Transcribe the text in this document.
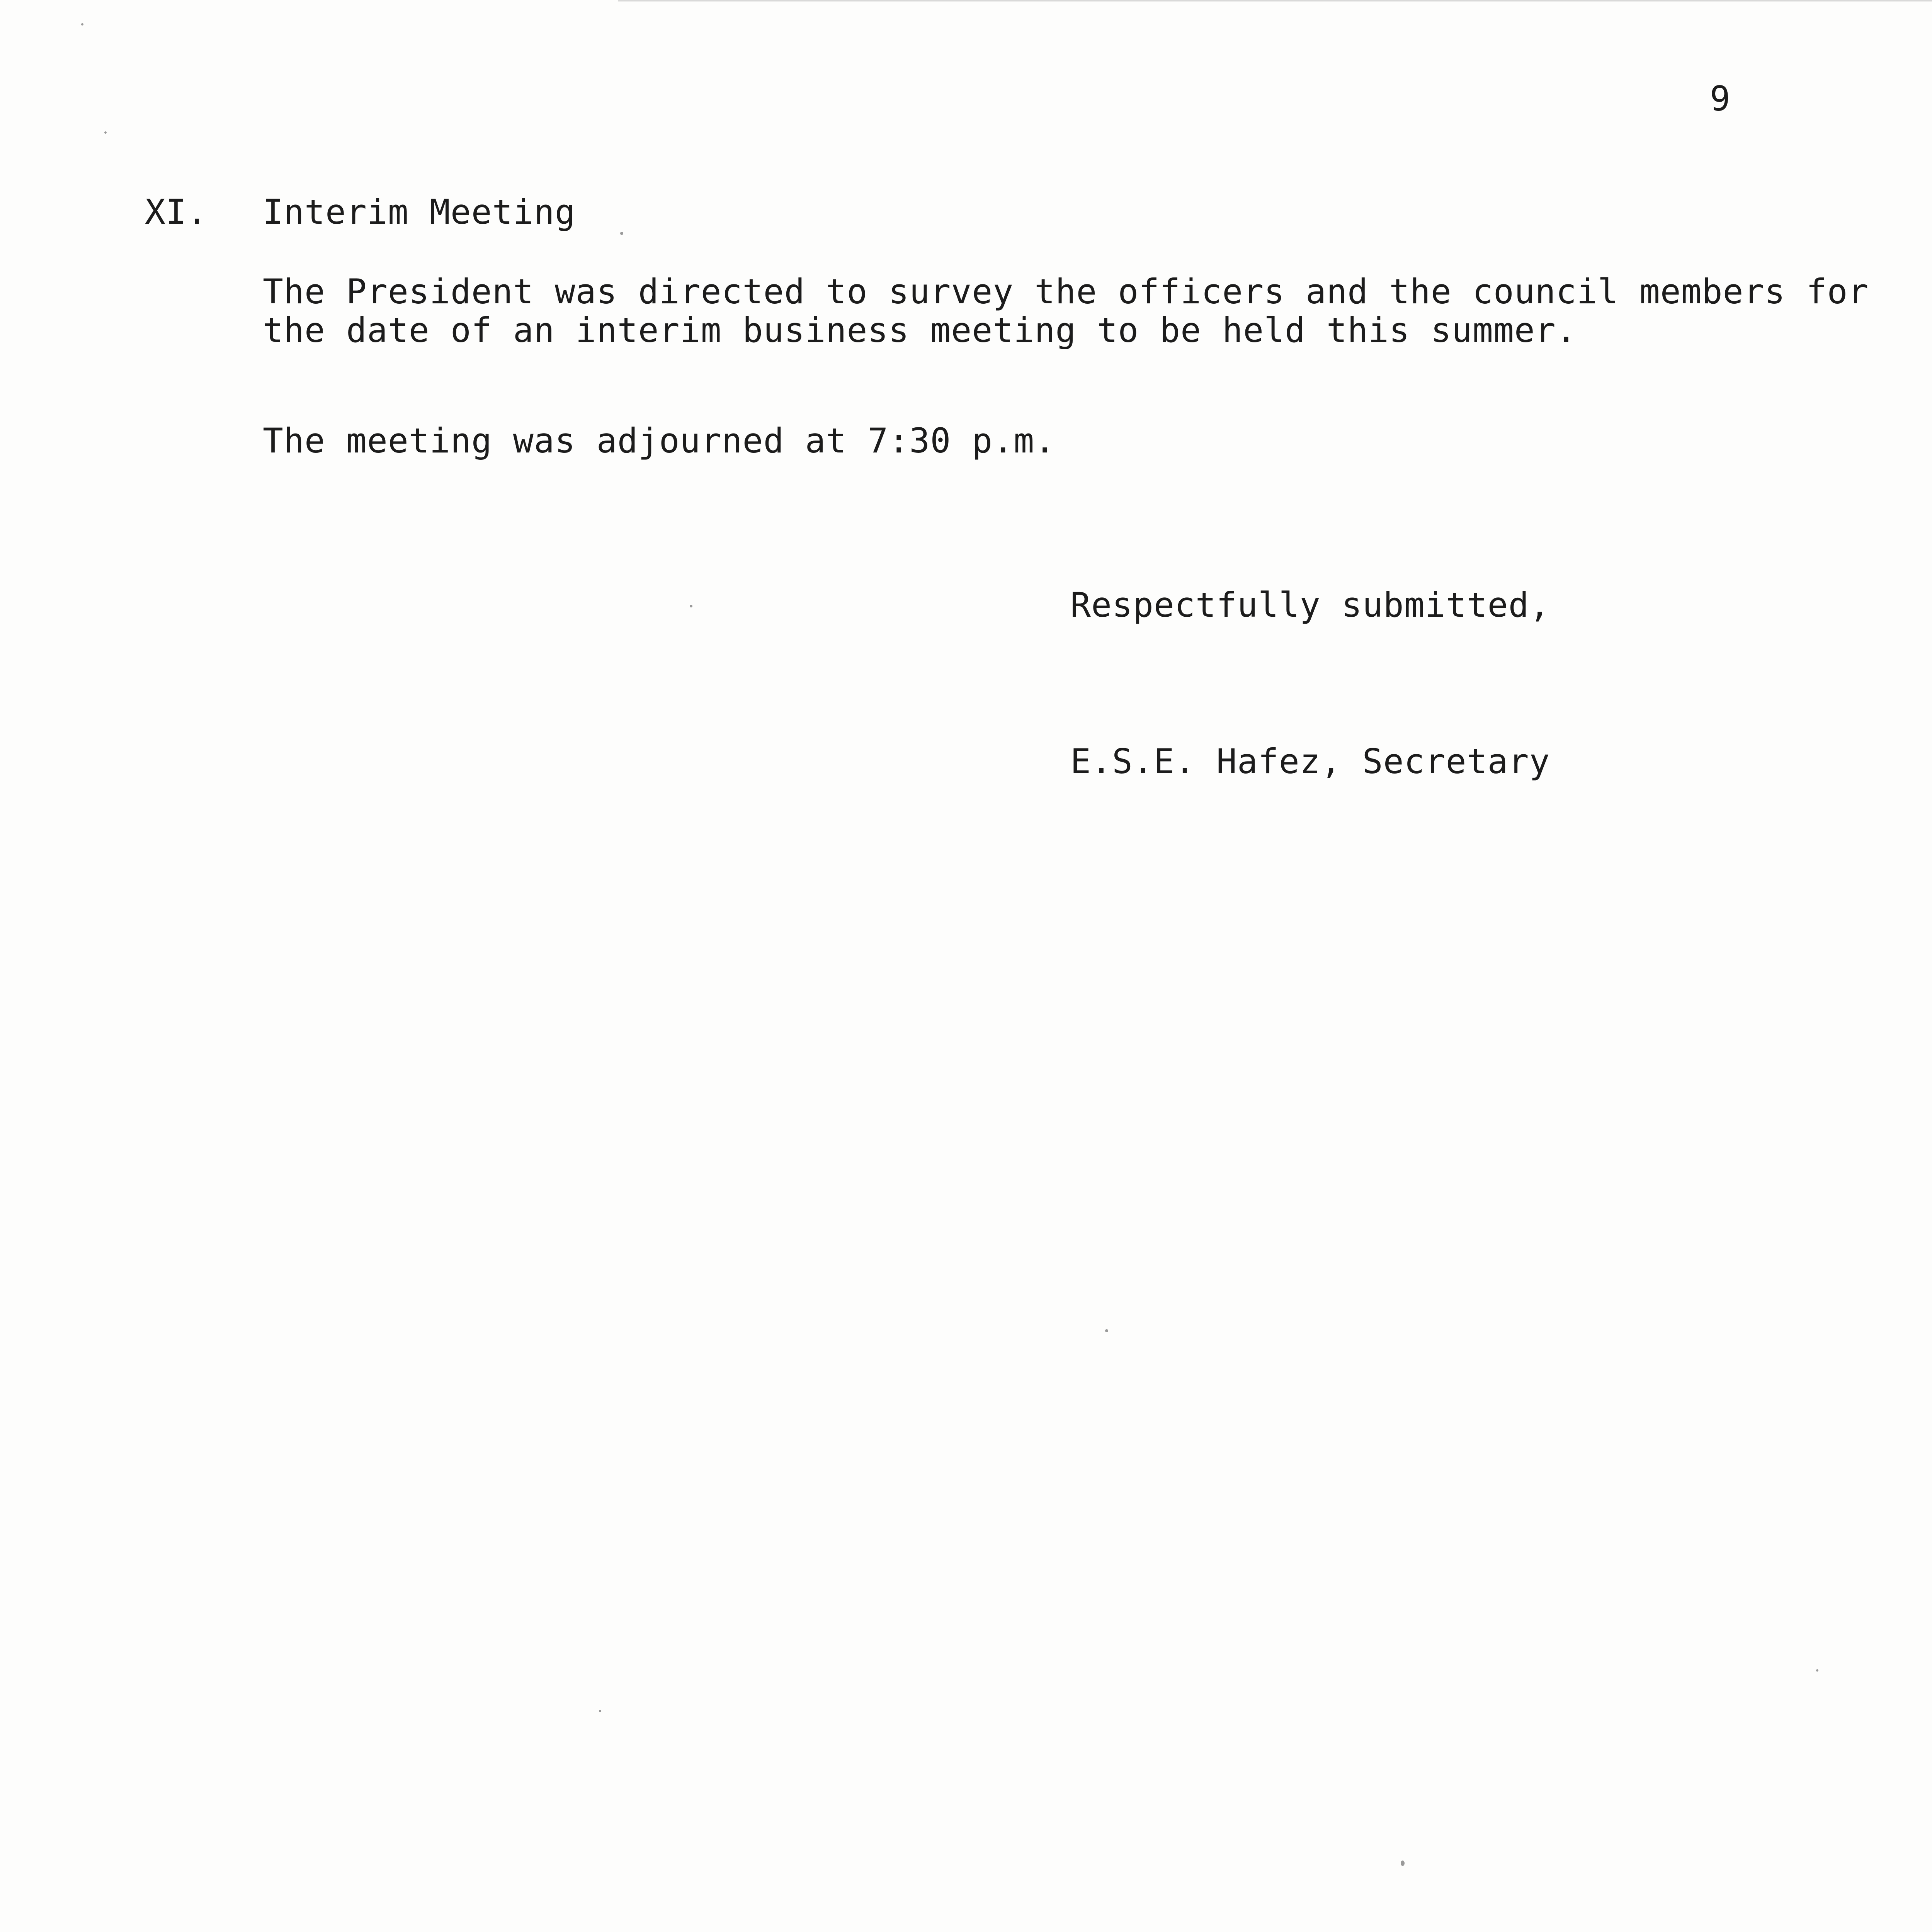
9
XI. Interim Meeting
The President was directed to survey the officers and the council members for
the date of an interim business meeting to be held this summer.
The meeting was adjourned at 7:30 p.m.
Respectfully submitted,
E.S.E. Hafez, Secretary
